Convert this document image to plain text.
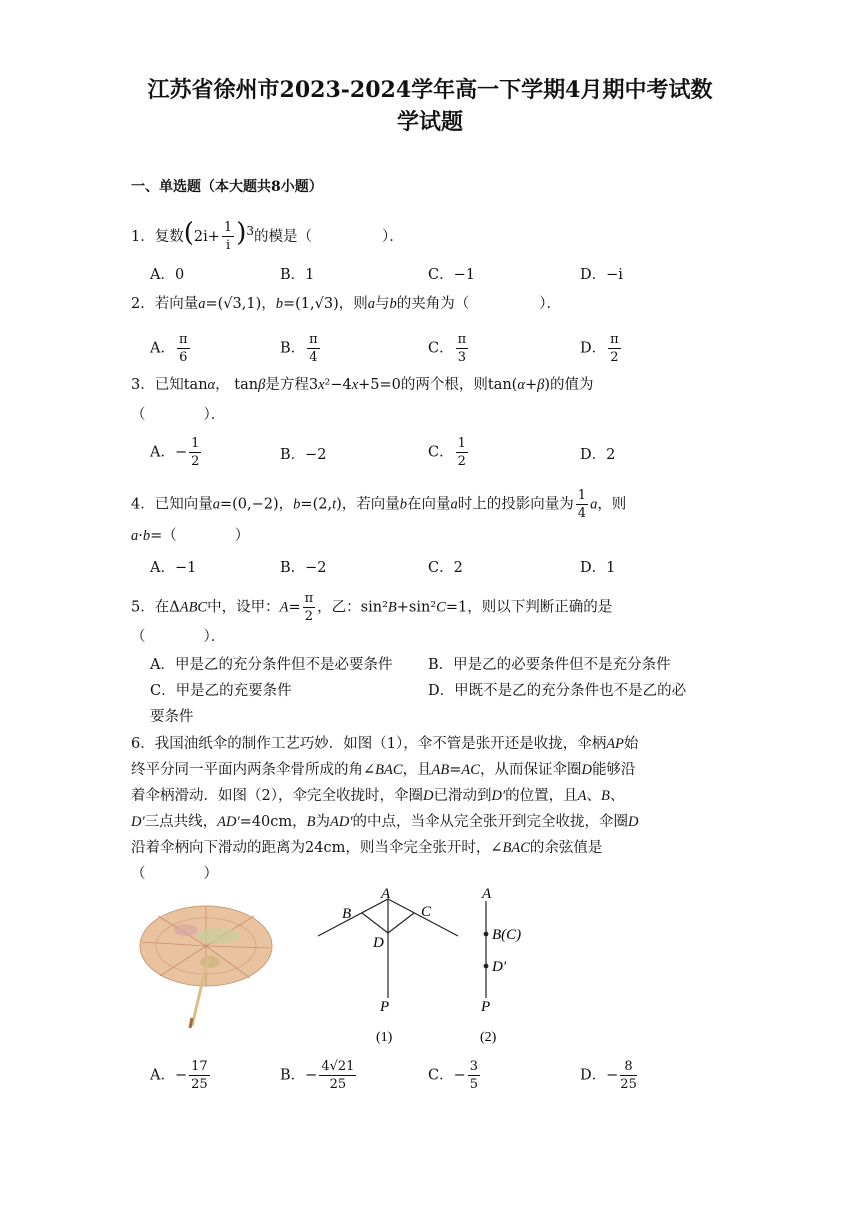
江苏省徐州市2023-2024学年高一下学期4月期中考试数
学试题
一、单选题（本大题共8小题）
1．复数$(2i+ \frac{1}{i} )^3$的模是（	）．
A．0	B．1	C．−1	D．−i
2．若向量a=(√3,1)，b=(1,√3)，则a与b的夹角为（	）．
A． $\frac{\pi}{6}$	B． $\frac{\pi}{4}$	C． $\frac{\pi}{3}$	D． $\frac{\pi}{2}$
3．已知tanα， tanβ是方程3x²−4x+5=0的两个根，则tan(α+β)的值为
（　　　　）．
A．− $\frac{1}{2}$	B．−2	C． $\frac{1}{2}$	D．2
4．已知向量a=(0,−2)，b=(2,t)，若向量b在向量a时上的投影向量为 $\frac{1}{4}$ a，则
a·b=（　　　　）
A．−1	B．−2	C．2	D．1
5．在ΔABC中，设甲：$A= \frac{\pi}{2}$ ，乙：sin²B+sin²C=1，则以下判断正确的是
（　　　　）．
A．甲是乙的充分条件但不是必要条件 B．甲是乙的必要条件但不是充分条件
C．甲是乙的充要条件	D．甲既不是乙的充分条件也不是乙的必
要条件
6．我国油纸伞的制作工艺巧妙．如图（1），伞不管是张开还是收拢，伞柄AP始
终平分同一平面内两条伞骨所成的角∠BAC，且AB=AC，从而保证伞圈D能够沿
着伞柄滑动．如图（2），伞完全收拢时，伞圈D已滑动到D′的位置，且A、B、
D′三点共线，AD′=40cm，B为AD′的中点，当伞从完全张开到完全收拢，伞圈D
沿着伞柄向下滑动的距离为24cm，则当伞完全张开时，∠BAC的余弦值是
（　　　　）
A
B	C
D
P
(1)
A
B(C)
D′
P
(2)
A．− $\frac{17}{25}$	B．− $\frac{4√21}{25}$	C．− $\frac{3}{5}$	D．− $\frac{8}{25}$
